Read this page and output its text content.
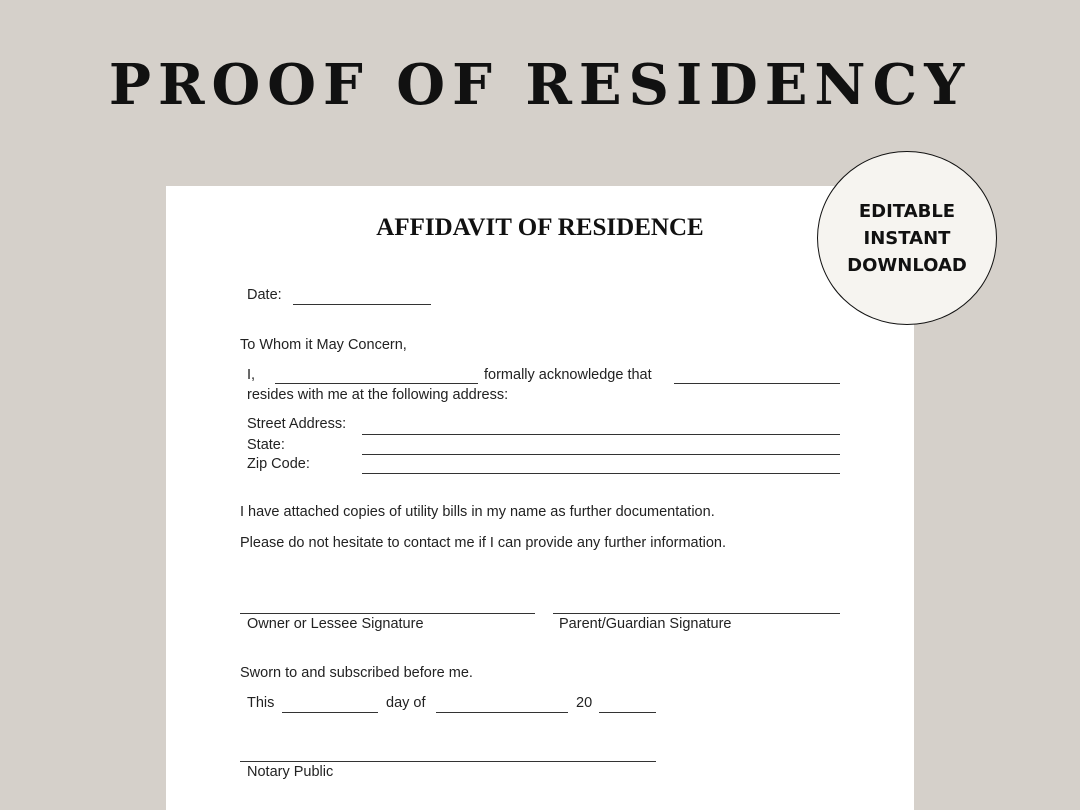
PROOF OF RESIDENCY
AFFIDAVIT OF RESIDENCE
Date:
To Whom it May Concern,
I,	formally acknowledge that
resides with me at the following address:
Street Address:
State:
Zip Code:
I have attached copies of utility bills in my name as further documentation.
Please do not hesitate to contact me if I can provide any further information.
Owner or Lessee Signature	Parent/Guardian Signature
Sworn to and subscribed before me.
This	day of	20
Notary Public
EDITABLE
INSTANT
DOWNLOAD
